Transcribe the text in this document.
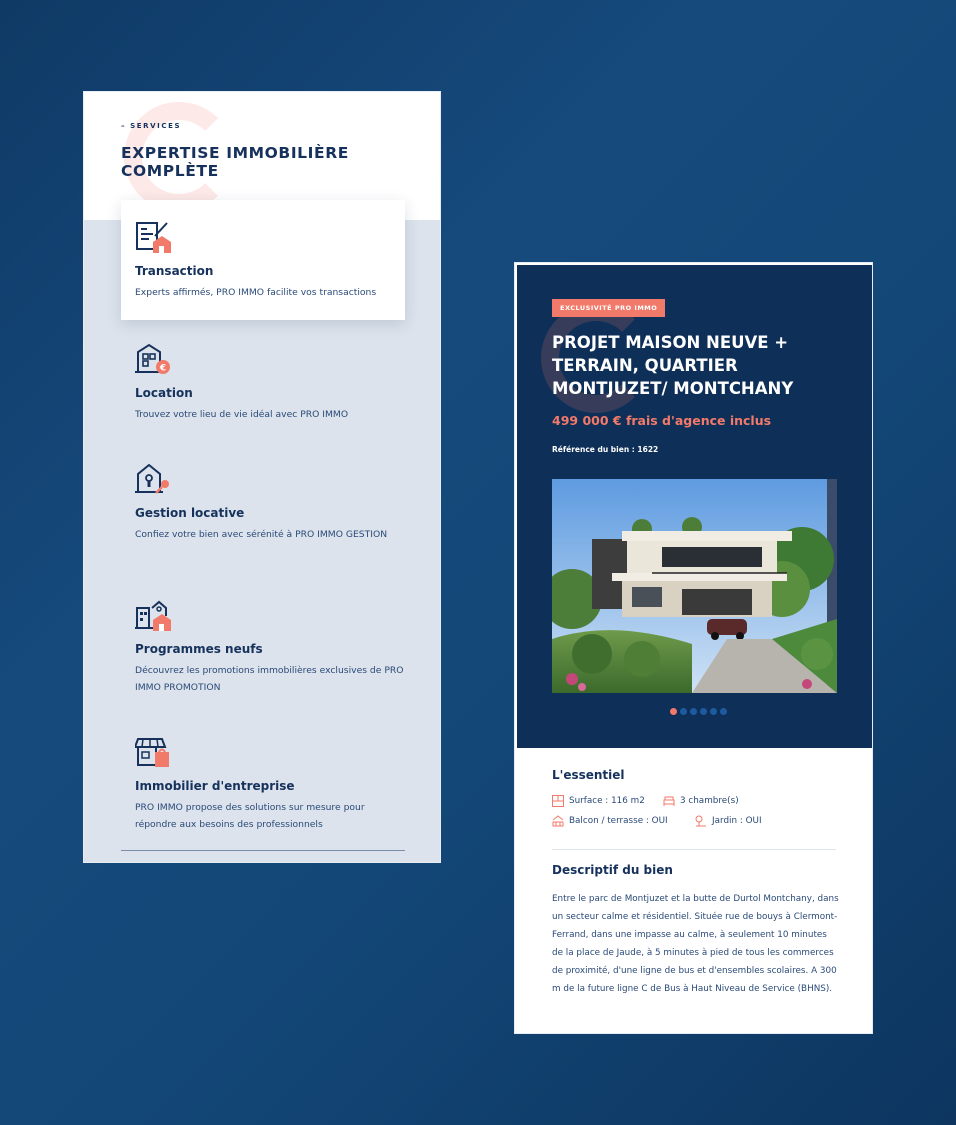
– SERVICES
EXPERTISE IMMOBILIÈRE COMPLÈTE
Transaction
Experts affirmés, PRO IMMO facilite vos transactions
€
Location
Trouvez votre lieu de vie idéal avec PRO IMMO
Gestion locative
Confiez votre bien avec sérénité à PRO IMMO GESTION
Programmes neufs
Découvrez les promotions immobilières exclusives de PRO IMMO PROMOTION
Immobilier d'entreprise
PRO IMMO propose des solutions sur mesure pour répondre aux besoins des professionnels
EXCLUSIVITÉ PRO IMMO
PROJET MAISON NEUVE + TERRAIN, QUARTIER MONTJUZET/ MONTCHANY
499 000 € frais d'agence inclus
Référence du bien : 1622
L'essentiel
Surface : 116 m2	3 chambre(s)
Balcon / terrasse : OUI	Jardin : OUI
Descriptif du bien
Entre le parc de Montjuzet et la butte de Durtol Montchany, dans un secteur calme et résidentiel. Située rue de bouys à Clermont-Ferrand, dans une impasse au calme, à seulement 10 minutes de la place de Jaude, à 5 minutes à pied de tous les commerces de proximité, d'une ligne de bus et d'ensembles scolaires. A 300 m de la future ligne C de Bus à Haut Niveau de Service (BHNS).
